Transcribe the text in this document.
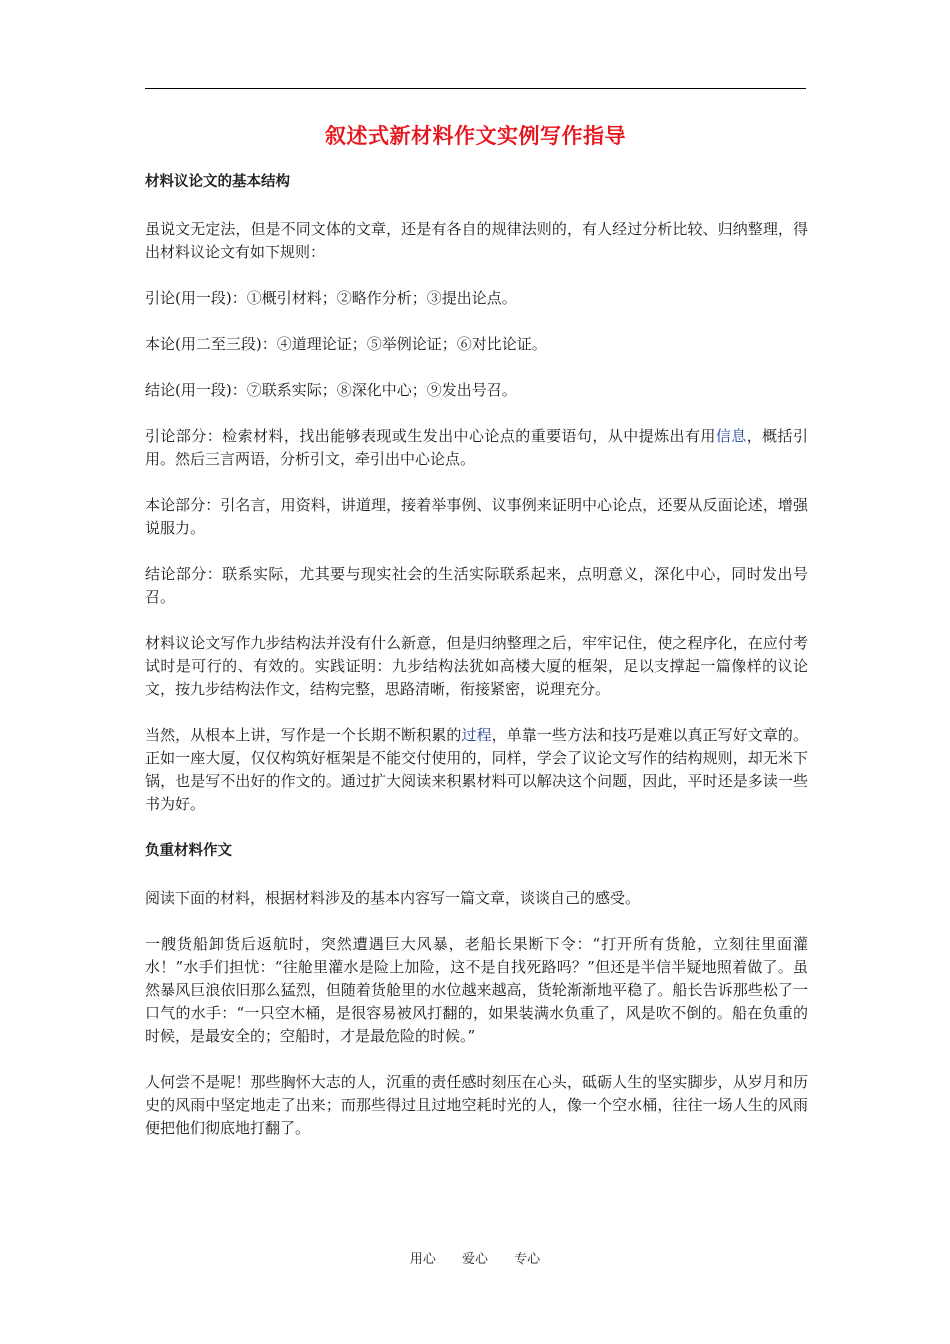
叙述式新材料作文实例写作指导

材料议论文的基本结构

虽说文无定法，但是不同文体的文章，还是有各自的规律法则的，有人经过分析比较、归纳整理，得出材料议论文有如下规则：

引论(用一段)：①概引材料；②略作分析；③提出论点。

本论(用二至三段)：④道理论证；⑤举例论证；⑥对比论证。

结论(用一段)：⑦联系实际；⑧深化中心；⑨发出号召。

引论部分：检索材料，找出能够表现或生发出中心论点的重要语句，从中提炼出有用信息，概括引用。然后三言两语，分析引文，牵引出中心论点。

本论部分：引名言，用资料，讲道理，接着举事例、议事例来证明中心论点，还要从反面论述，增强说服力。

结论部分：联系实际，尤其要与现实社会的生活实际联系起来，点明意义，深化中心，同时发出号召。

材料议论文写作九步结构法并没有什么新意，但是归纳整理之后，牢牢记住，使之程序化，在应付考试时是可行的、有效的。实践证明：九步结构法犹如高楼大厦的框架，足以支撑起一篇像样的议论文，按九步结构法作文，结构完整，思路清晰，衔接紧密，说理充分。

当然，从根本上讲，写作是一个长期不断积累的过程，单靠一些方法和技巧是难以真正写好文章的。正如一座大厦，仅仅构筑好框架是不能交付使用的，同样，学会了议论文写作的结构规则，却无米下锅，也是写不出好的作文的。通过扩大阅读来积累材料可以解决这个问题，因此，平时还是多读一些书为好。

负重材料作文

阅读下面的材料，根据材料涉及的基本内容写一篇文章，谈谈自己的感受。

一艘货船卸货后返航时，突然遭遇巨大风暴，老船长果断下令：“打开所有货舱，立刻往里面灌水！”水手们担忧：“往舱里灌水是险上加险，这不是自找死路吗？”但还是半信半疑地照着做了。虽然暴风巨浪依旧那么猛烈，但随着货舱里的水位越来越高，货轮渐渐地平稳了。船长告诉那些松了一口气的水手：“一只空木桶，是很容易被风打翻的，如果装满水负重了，风是吹不倒的。船在负重的时候，是最安全的；空船时，才是最危险的时候。”

人何尝不是呢！那些胸怀大志的人，沉重的责任感时刻压在心头，砥砺人生的坚实脚步，从岁月和历史的风雨中坚定地走了出来；而那些得过且过地空耗时光的人，像一个空水桶，往往一场人生的风雨便把他们彻底地打翻了。

用心 爱心 专心
